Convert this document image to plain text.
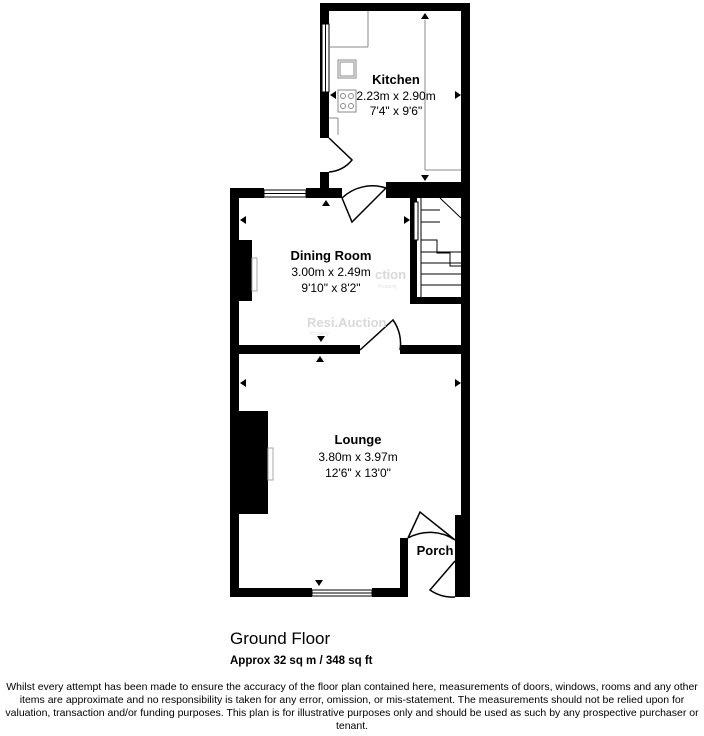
ction
Property
Resi.Auction
Property
Kitchen
2.23m x 2.90m
7'4" x 9'6"
Dining Room
3.00m x 2.49m
9'10" x 8'2"
Lounge
3.80m x 3.97m
12'6" x 13'0"
Porch
Ground Floor
Approx 32 sq m / 348 sq ft
Whilst every attempt has been made to ensure the accuracy of the floor plan contained here, measurements of doors, windows, rooms and any other items are approximate and no responsibility is taken for any error, omission, or mis-statement. The measurements should not be relied upon for valuation, transaction and/or funding purposes. This plan is for illustrative purposes only and should be used as such by any prospective purchaser or tenant.
